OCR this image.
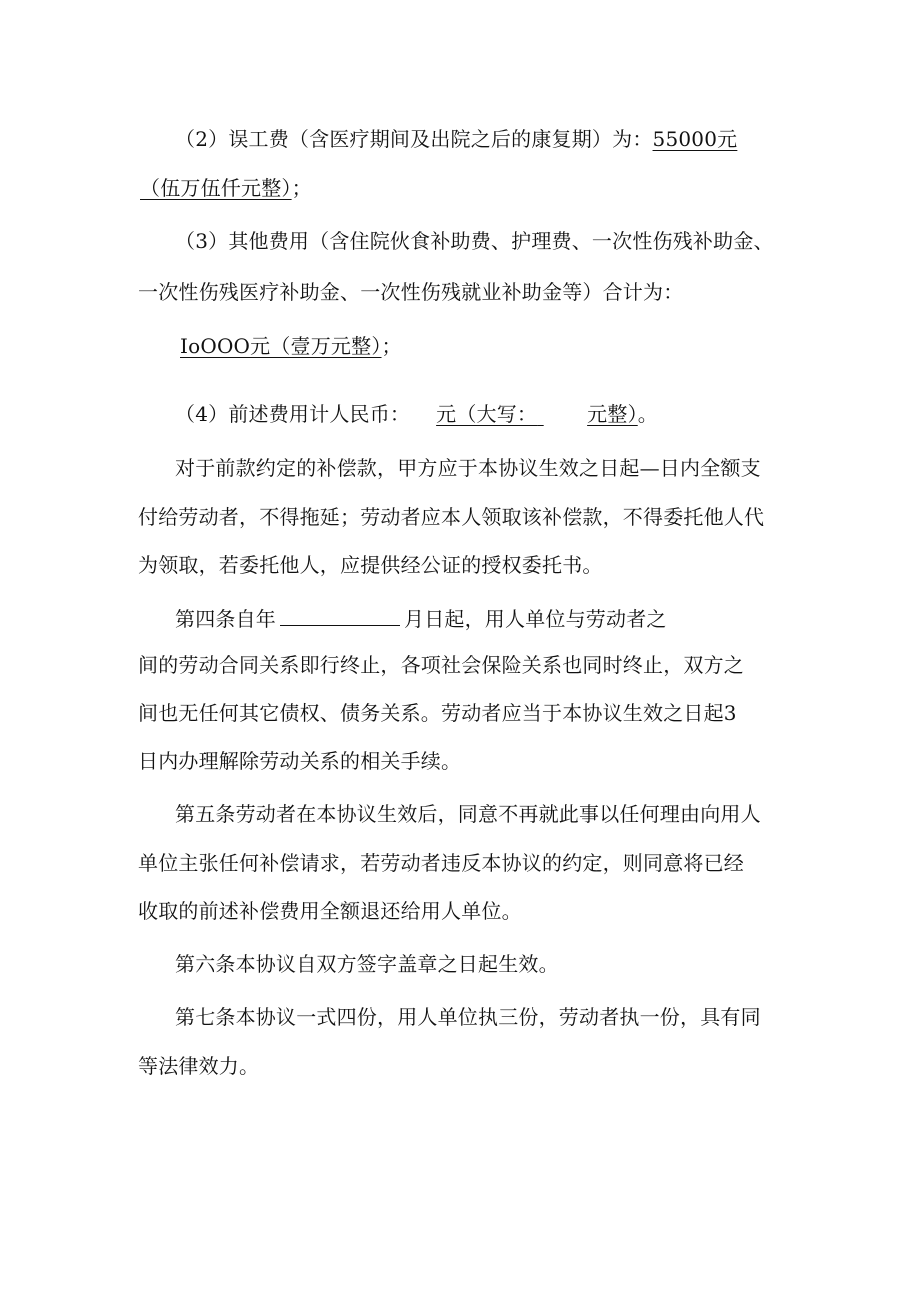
（2）误工费（含医疗期间及出院之后的康复期）为：55000元
（伍万伍仟元整）；
（3）其他费用（含住院伙食补助费、护理费、一次性伤残补助金、
一次性伤残医疗补助金、一次性伤残就业补助金等）合计为：
IoOOO元（壹万元整）；
（4）前述费用计人民币： 元（大写：	元整）。
对于前款约定的补偿款，甲方应于本协议生效之日起—日内全额支
付给劳动者，不得拖延；劳动者应本人领取该补偿款，不得委托他人代
为领取，若委托他人，应提供经公证的授权委托书。
第四条自年	月日起，用人单位与劳动者之
间的劳动合同关系即行终止，各项社会保险关系也同时终止，双方之
间也无任何其它债权、债务关系。劳动者应当于本协议生效之日起3
日内办理解除劳动关系的相关手续。
第五条劳动者在本协议生效后，同意不再就此事以任何理由向用人
单位主张任何补偿请求，若劳动者违反本协议的约定，则同意将已经
收取的前述补偿费用全额退还给用人单位。
第六条本协议自双方签字盖章之日起生效。
第七条本协议一式四份，用人单位执三份，劳动者执一份，具有同
等法律效力。
